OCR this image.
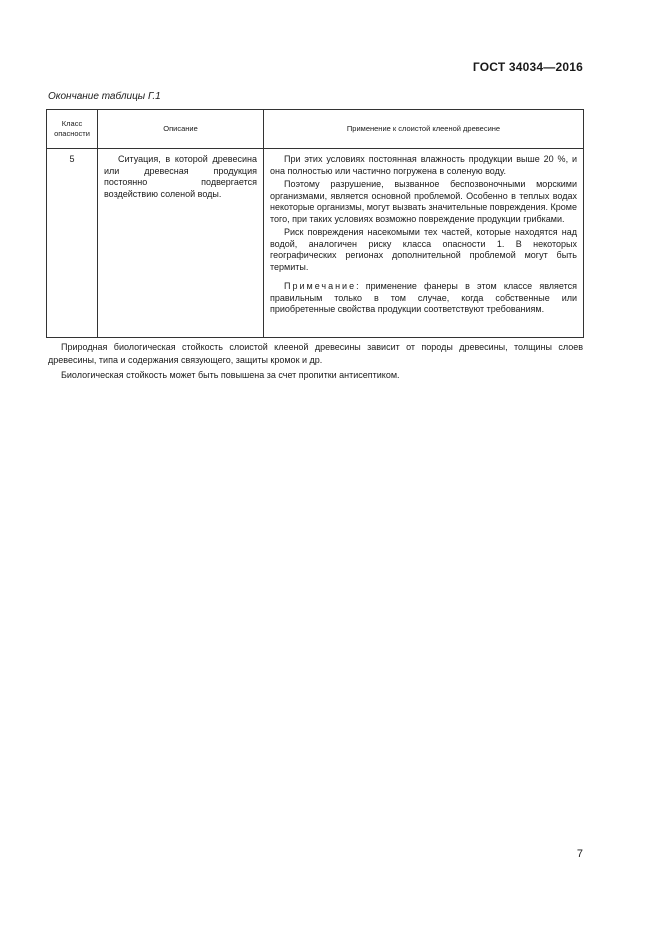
ГОСТ 34034—2016
Окончание таблицы Г.1
Класс
опасности	Описание	Применение к слоистой клееной древесине
5	Ситуация, в которой древесина или древесная продукция постоянно подвергается воздействию соленой воды.	При этих условиях постоянная влажность продукции выше 20 %, и она полностью или частично погружена в соленую воду.

Поэтому разрушение, вызванное беспозвоночными морскими организмами, является основной проблемой. Особенно в теплых водах некоторые организмы, могут вызвать значительные повреждения. Кроме того, при таких условиях возможно повреждение продукции грибками.

Риск повреждения насекомыми тех частей, которые находятся над водой, аналогичен риску класса опасности 1. В некоторых географических регионах дополнительной проблемой могут быть термиты.

Примечание: применение фанеры в этом классе является правильным только в том случае, когда собственные или приобретенные свойства продукции соответствуют требованиям.

Природная биологическая стойкость слоистой клееной древесины зависит от породы древесины, толщины слоев древесины, типа и содержания связующего, защиты кромок и др.

Биологическая стойкость может быть повышена за счет пропитки антисептиком.

7
